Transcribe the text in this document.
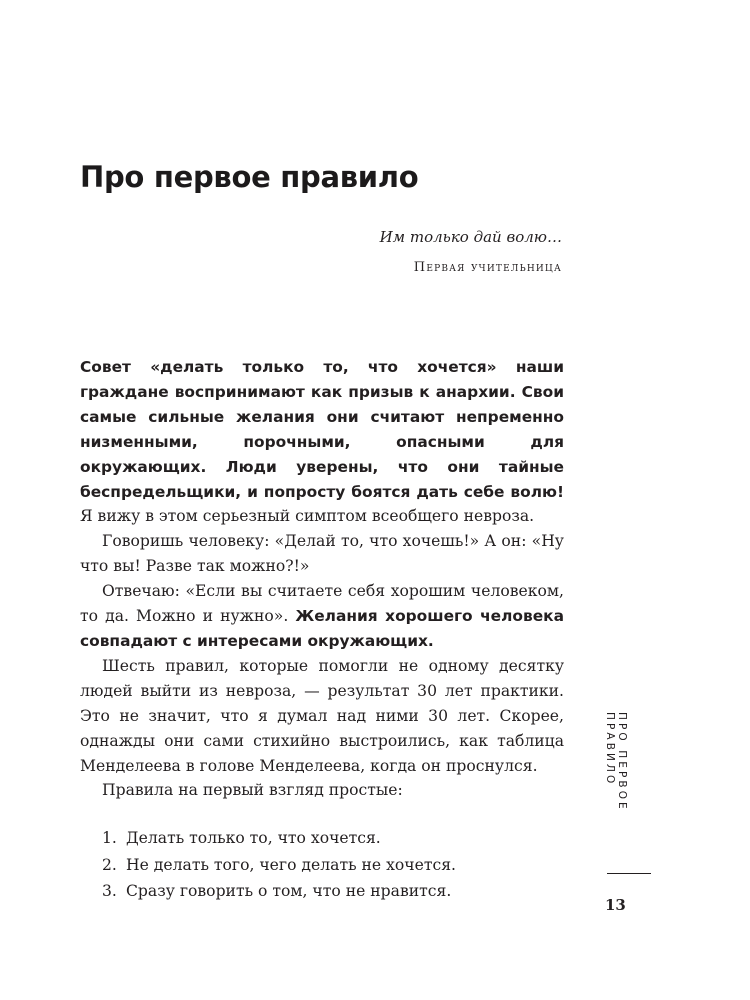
Про первое правило

Им только дай волю…

Первая учительница

Совет «делать только то, что хочется» наши граждане воспринимают как призыв к анархии. Свои самые сильные желания они считают непременно низменными, порочными, опасными для окружающих. Люди уверены, что они тайные беспредельщики, и попросту боятся дать себе волю! Я вижу в этом серьезный симптом всеобщего невроза.

Говоришь человеку: «Делай то, что хочешь!» А он: «Ну что вы! Разве так можно?!»

Отвечаю: «Если вы считаете себя хорошим человеком, то да. Можно и нужно». Желания хорошего человека совпадают с интересами окружающих.

Шесть правил, которые помогли не одному десятку людей выйти из невроза, — результат 30 лет практики. Это не значит, что я думал над ними 30 лет. Скорее, однажды они сами стихийно выстроились, как таблица Менделеева в голове Менделеева, когда он проснулся.

Правила на первый взгляд простые:

1. Делать только то, что хочется.
2. Не делать того, чего делать не хочется.
3. Сразу говорить о том, что не нравится.
ПРО ПЕРВОЕ ПРАВИЛО
13
